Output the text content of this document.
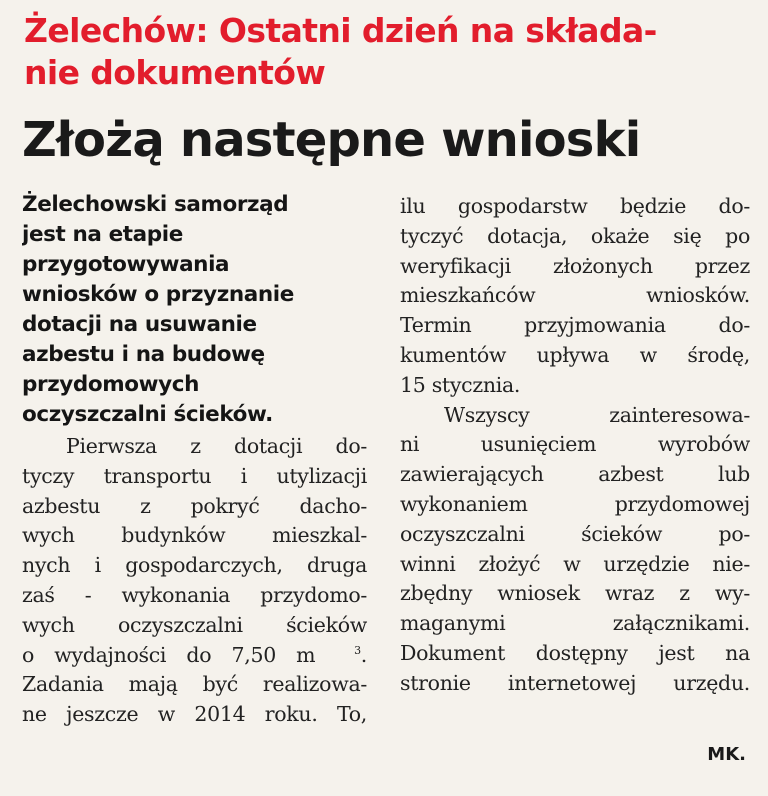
Żelechów: Ostatni dzień na składa-
nie dokumentów
Złożą następne wnioski
Żelechowski samorząd
jest na etapie
przygotowywania
wniosków o przyznanie
dotacji na usuwanie
azbestu i na budowę
przydomowych
oczyszczalni ścieków.
Pierwsza z dotacji do-
tyczy transportu i utylizacji
azbestu z pokryć dacho-
wych budynków mieszkal-
nych i gospodarczych, druga
zaś - wykonania przydomo-
wych oczyszczalni ścieków
o wydajności do 7,50 m	$^3$.
Zadania mają być realizowa-
ne jeszcze w 2014 roku. To,
ilu gospodarstw będzie do-
tyczyć dotacja, okaże się po
weryfikacji złożonych przez
mieszkańców wniosków.
Termin przyjmowania do-
kumentów upływa w środę,
15 stycznia.
Wszyscy zainteresowa-
ni usunięciem wyrobów
zawierających azbest lub
wykonaniem przydomowej
oczyszczalni ścieków po-
winni złożyć w urzędzie nie-
zbędny wniosek wraz z wy-
maganymi załącznikami.
Dokument dostępny jest na
stronie internetowej urzędu.
MK.
